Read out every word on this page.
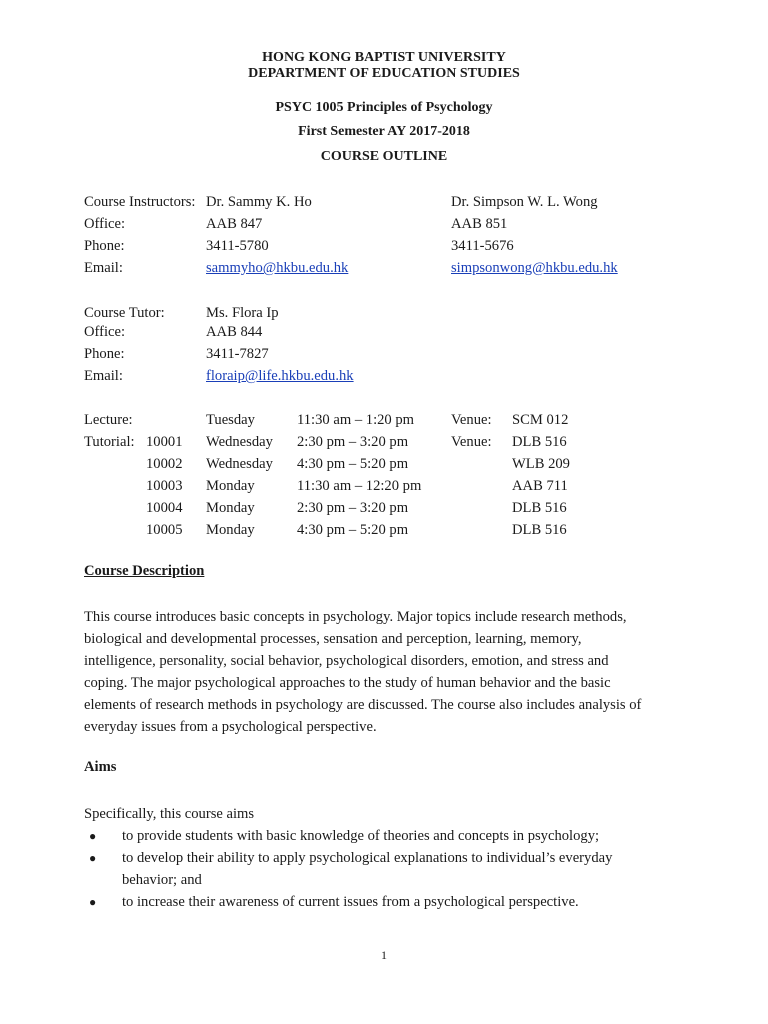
HONG KONG BAPTIST UNIVERSITY
DEPARTMENT OF EDUCATION STUDIES
PSYC 1005 Principles of Psychology
First Semester AY 2017-2018
COURSE OUTLINE
Course Instructors: Dr. Sammy K. Ho	Dr. Simpson W. L. Wong
Office:	AAB 847	AAB 851
Phone:	3411-5780	3411-5676
Email:	sammyho@hkbu.edu.hk	simpsonwong@hkbu.edu.hk
Course Tutor:	Ms. Flora Ip
Office:	AAB 844
Phone:	3411-7827
Email:	floraip@life.hkbu.edu.hk
Lecture:	Tuesday	11:30 am – 1:20 pm	Venue: SCM 012
Tutorial: 10001 Wednesday 2:30 pm – 3:20 pm	Venue: DLB 516
10002 Wednesday 4:30 pm – 5:20 pm	WLB 209
10003 Monday	11:30 am – 12:20 pm	AAB 711
10004 Monday	2:30 pm – 3:20 pm	DLB 516
10005 Monday	4:30 pm – 5:20 pm	DLB 516
Course Description
This course introduces basic concepts in psychology. Major topics include research methods,
biological and developmental processes, sensation and perception, learning, memory,
intelligence, personality, social behavior, psychological disorders, emotion, and stress and
coping. The major psychological approaches to the study of human behavior and the basic
elements of research methods in psychology are discussed. The course also includes analysis of
everyday issues from a psychological perspective.
Aims
Specifically, this course aims
● to provide students with basic knowledge of theories and concepts in psychology;
● to develop their ability to apply psychological explanations to individual’s everyday
behavior; and
● to increase their awareness of current issues from a psychological perspective.
1
